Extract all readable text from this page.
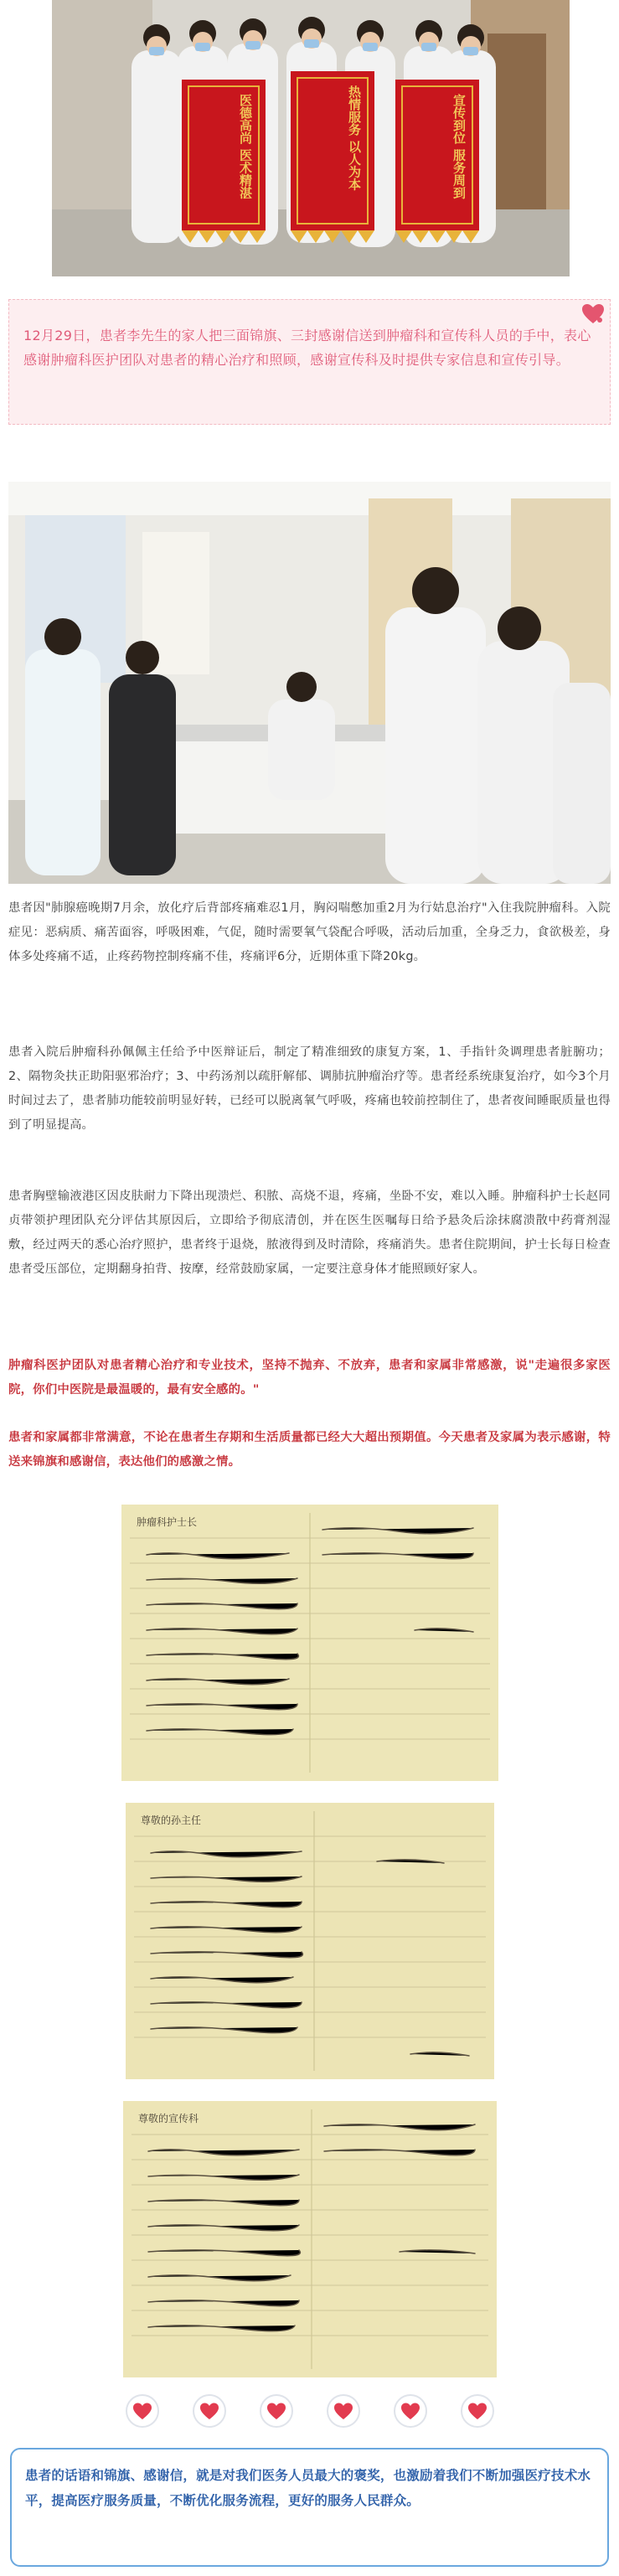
医德高尚 医术精湛	热情服务 以人为本	宣传到位 服务周到
12月29日，患者李先生的家人把三面锦旗、三封感谢信送到肿瘤科和宣传科人员的手中，表心感谢肿瘤科医护团队对患者的精心治疗和照顾，感谢宣传科及时提供专家信息和宣传引导。
患者因"肺腺癌晚期7月余，放化疗后背部疼痛难忍1月，胸闷喘憋加重2月为行姑息治疗"入住我院肿瘤科。入院症见：恶病质、痛苦面容，呼吸困难，气促，随时需要氧气袋配合呼吸，活动后加重，全身乏力，食欲极差，身体多处疼痛不适，止疼药物控制疼痛不佳，疼痛评6分，近期体重下降20kg。
患者入院后肿瘤科孙佩佩主任给予中医辩证后，制定了精准细致的康复方案，1、手指针灸调理患者脏腑功；2、隔物灸扶正助阳驱邪治疗；3、中药汤剂以疏肝解郁、调肺抗肿瘤治疗等。患者经系统康复治疗，如今3个月时间过去了，患者肺功能较前明显好转，已经可以脱离氧气呼吸，疼痛也较前控制住了，患者夜间睡眠质量也得到了明显提高。
患者胸壁输液港区因皮肤耐力下降出现溃烂、积脓、高烧不退，疼痛，坐卧不安，难以入睡。肿瘤科护士长赵同贞带领护理团队充分评估其原因后，立即给予彻底清创，并在医生医嘱每日给予悬灸后涂抹腐溃散中药膏剂湿敷，经过两天的悉心治疗照护，患者终于退烧，脓液得到及时清除，疼痛消失。患者住院期间，护士长每日检查患者受压部位，定期翻身拍背、按摩，经常鼓励家属，一定要注意身体才能照顾好家人。
肿瘤科医护团队对患者精心治疗和专业技术，坚持不抛弃、不放弃，患者和家属非常感激，说"走遍很多家医院，你们中医院是最温暖的，最有安全感的。"
患者和家属都非常满意，不论在患者生存期和生活质量都已经大大超出预期值。今天患者及家属为表示感谢，特送来锦旗和感谢信，表达他们的感激之情。
肿瘤科护士长
尊敬的孙主任
尊敬的宣传科
患者的话语和锦旗、感谢信，就是对我们医务人员最大的褒奖，也激励着我们不断加强医疗技术水平，提高医疗服务质量，不断优化服务流程，更好的服务人民群众。
